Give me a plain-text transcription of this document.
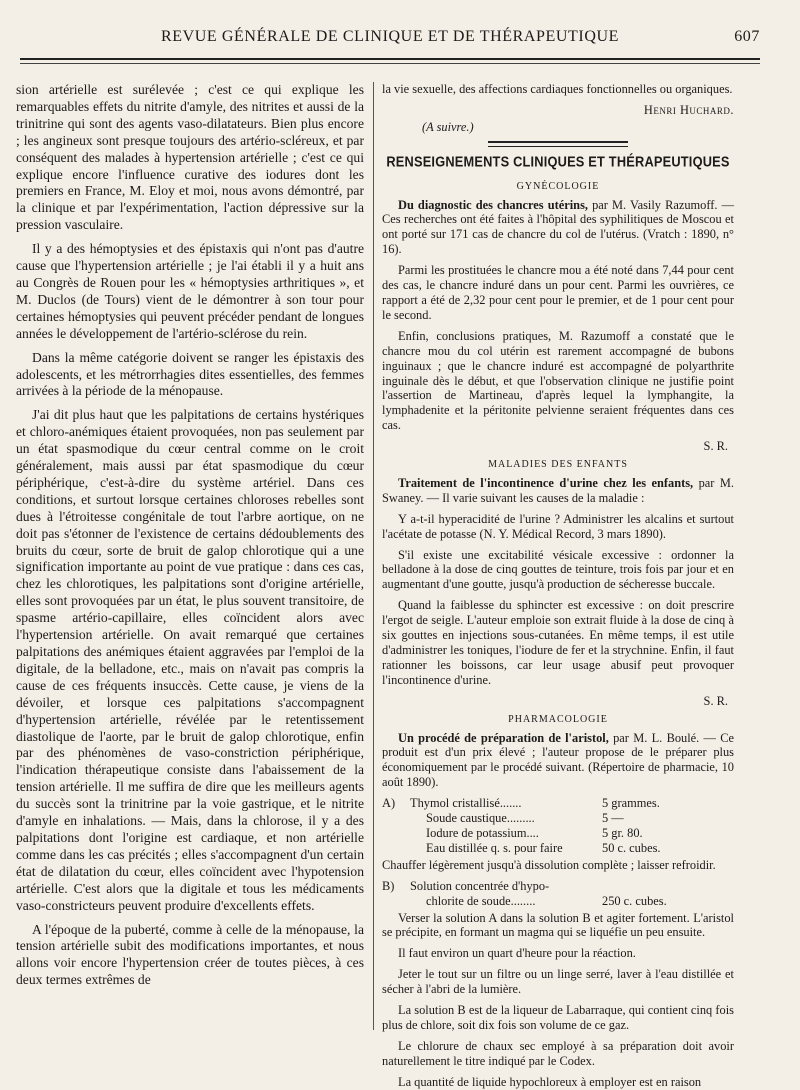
REVUE GÉNÉRALE DE CLINIQUE ET DE THÉRAPEUTIQUE	607

sion artérielle est surélevée ; c'est ce qui explique les remarquables effets du nitrite d'amyle, des nitrites et aussi de la trinitrine qui sont des agents vaso-dilatateurs. Bien plus encore ; les angineux sont presque toujours des artério-scléreux, et par conséquent des malades à hypertension artérielle ; c'est ce qui explique encore l'influence curative des iodures dont les premiers en France, M. Eloy et moi, nous avons démontré, par la clinique et par l'expérimentation, l'action dépressive sur la pression vasculaire.

Il y a des hémoptysies et des épistaxis qui n'ont pas d'autre cause que l'hypertension artérielle ; je l'ai établi il y a huit ans au Congrès de Rouen pour les « hémoptysies arthritiques », et M. Duclos (de Tours) vient de le démontrer à son tour pour certaines hémoptysies qui peuvent précéder pendant de longues années le développement de l'artério-sclérose du rein.

Dans la même catégorie doivent se ranger les épistaxis des adolescents, et les métrorrhagies dites essentielles, des femmes arrivées à la période de la ménopause.

J'ai dit plus haut que les palpitations de certains hystériques et chloro-anémiques étaient provoquées, non pas seulement par un état spasmodique du cœur central comme on le croit généralement, mais aussi par état spasmodique du cœur périphérique, c'est-à-dire du système artériel. Dans ces conditions, et surtout lorsque certaines chloroses rebelles sont dues à l'étroitesse congénitale de tout l'arbre aortique, on ne doit pas s'étonner de l'existence de certains dédoublements des bruits du cœur, sorte de bruit de galop chlorotique qui a une signification importante au point de vue pratique : dans ces cas, chez les chlorotiques, les palpitations sont d'origine artérielle, elles sont provoquées par un état, le plus souvent transitoire, de spasme artério-capillaire, elles coïncident alors avec l'hypertension artérielle. On avait remarqué que certaines palpitations des anémiques étaient aggravées par l'emploi de la digitale, de la belladone, etc., mais on n'avait pas compris la cause de ces fréquents insuccès. Cette cause, je viens de la dévoiler, et lorsque ces palpitations s'accompagnent d'hypertension artérielle, révélée par le retentissement diastolique de l'aorte, par le bruit de galop chlorotique, enfin par des phénomènes de vaso-constriction périphérique, l'indication thérapeutique consiste dans l'abaissement de la tension artérielle. Il me suffira de dire que les meilleurs agents du succès sont la trinitrine par la voie gastrique, et le nitrite d'amyle en inhalations. — Mais, dans la chlorose, il y a des palpitations dont l'origine est cardiaque, et non artérielle comme dans les cas précités ; elles s'accompagnent d'un certain état de dilatation du cœur, elles coïncident avec l'hypotension artérielle. C'est alors que la digitale et tous les médicaments vaso-constricteurs peuvent produire d'excellents effets.

A l'époque de la puberté, comme à celle de la ménopause, la tension artérielle subit des modifications importantes, et nous allons voir encore l'hypertension créer de toutes pièces, à ces deux termes extrêmes de

la vie sexuelle, des affections cardiaques fonctionnelles ou organiques.

Henri Huchard.
(A suivre.)
RENSEIGNEMENTS CLINIQUES ET THÉRAPEUTIQUES
GYNÉCOLOGIE

Du diagnostic des chancres utérins, par M. Vasily Razumoff. — Ces recherches ont été faites à l'hôpital des syphilitiques de Moscou et ont porté sur 171 cas de chancre du col de l'utérus. (Vratch : 1890, n° 16).

Parmi les prostituées le chancre mou a été noté dans 7,44 pour cent des cas, le chancre induré dans un pour cent. Parmi les ouvrières, ce rapport a été de 2,32 pour cent pour le premier, et de 1 pour cent pour le second.

Enfin, conclusions pratiques, M. Razumoff a constaté que le chancre mou du col utérin est rarement accompagné de bubons inguinaux ; que le chancre induré est accompagné de polyarthrite inguinale dès le début, et que l'observation clinique ne justifie point l'assertion de Martineau, d'après lequel la lymphangite, la lymphadenite et la péritonite pelvienne seraient fréquentes dans ces cas.

S. R.
MALADIES DES ENFANTS

Traitement de l'incontinence d'urine chez les enfants, par M. Swaney. — Il varie suivant les causes de la maladie :

Y a-t-il hyperacidité de l'urine ? Administrer les alcalins et surtout l'acétate de potasse (N. Y. Médical Record, 3 mars 1890).

S'il existe une excitabilité vésicale excessive : ordonner la belladone à la dose de cinq gouttes de teinture, trois fois par jour et en augmentant d'une goutte, jusqu'à production de sécheresse buccale.

Quand la faiblesse du sphincter est excessive : on doit prescrire l'ergot de seigle. L'auteur emploie son extrait fluide à la dose de cinq à six gouttes en injections sous-cutanées. En même temps, il est utile d'administrer les toniques, l'iodure de fer et la strychnine. Enfin, il faut rationner les boissons, car leur usage abusif peut provoquer l'incontinence d'urine.

S. R.
PHARMACOLOGIE

Un procédé de préparation de l'aristol, par M. L. Boulé. — Ce produit est d'un prix élevé ; l'auteur propose de le préparer plus économiquement par le procédé suivant. (Répertoire de pharmacie, 10 août 1890).

A)	Thymol cristallisé.......	5 grammes.
Soude caustique.........	5 —
Iodure de potassium....	5 gr. 80.
Eau distillée q. s. pour faire	50 c. cubes.

Chauffer légèrement jusqu'à dissolution complète ; laisser refroidir.

B)	Solution concentrée d'hypo-
chlorite de soude........	250 c. cubes.

Verser la solution A dans la solution B et agiter fortement. L'aristol se précipite, en formant un magma qui se liquéfie un peu ensuite.

Il faut environ un quart d'heure pour la réaction.

Jeter le tout sur un filtre ou un linge serré, laver à l'eau distillée et sécher à l'abri de la lumière.

La solution B est de la liqueur de Labarraque, qui contient cinq fois plus de chlore, soit dix fois son volume de ce gaz.

Le chlorure de chaux sec employé à sa préparation doit avoir naturellement le titre indiqué par le Codex.

La quantité de liquide hypochloreux à employer est en raison
